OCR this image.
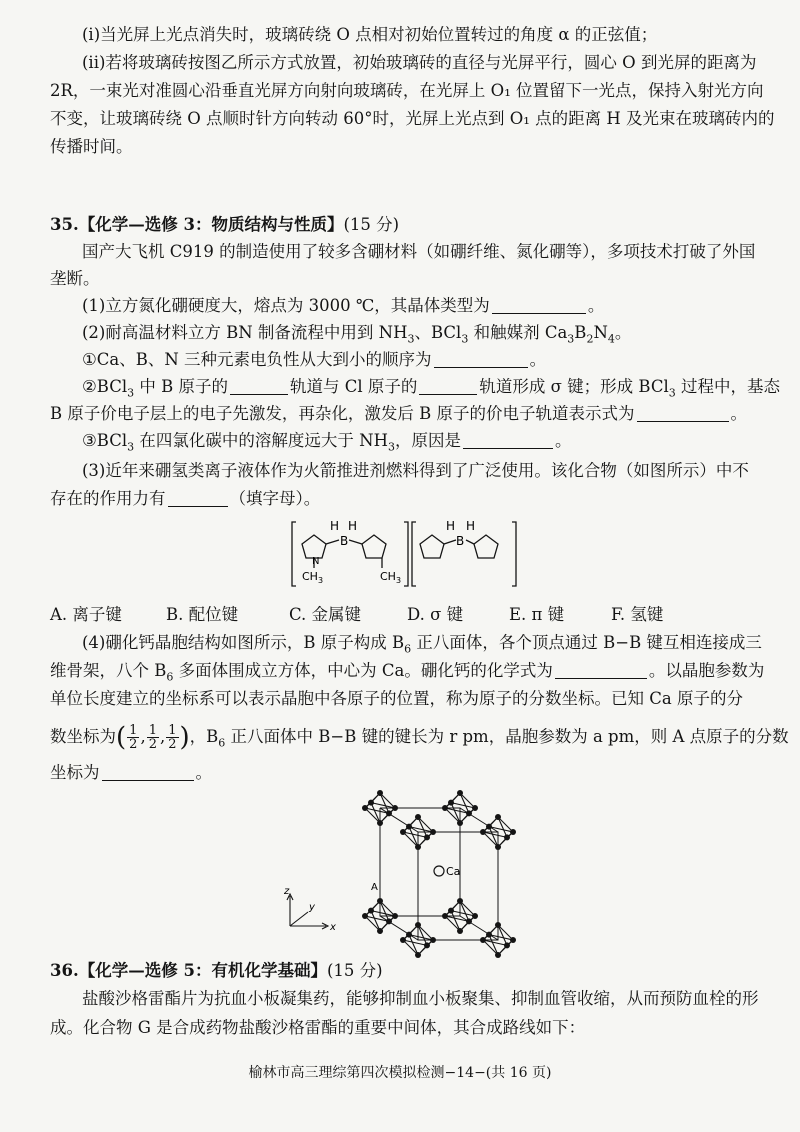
(i)当光屏上光点消失时，玻璃砖绕 O 点相对初始位置转过的角度 α 的正弦值；
(ii)若将玻璃砖按图乙所示方式放置，初始玻璃砖的直径与光屏平行，圆心 O 到光屏的距离为
2R，一束光对准圆心沿垂直光屏方向射向玻璃砖，在光屏上 O₁ 位置留下一光点，保持入射光方向
不变，让玻璃砖绕 O 点顺时针方向转动 60°时，光屏上光点到 O₁ 点的距离 H 及光束在玻璃砖内的
传播时间。
35.【化学—选修 3：物质结构与性质】(15 分)
国产大飞机 C919 的制造使用了较多含硼材料（如硼纤维、氮化硼等），多项技术打破了外国
垄断。
(1)立方氮化硼硬度大，熔点为 3000 ℃，其晶体类型为	。
(2)耐高温材料立方 BN 制备流程中用到 $NH_3$、BCl$_3$ 和触媒剂 $Ca_3B_2N_4$。
①Ca、B、N 三种元素电负性从大到小的顺序为	。
②BCl$_3$ 中 B 原子的	轨道与 Cl 原子的	轨道形成 σ 键；形成 BCl$_3$ 过程中，基态
B 原子价电子层上的电子先激发，再杂化，激发后 B 原子的价电子轨道表示式为	。
③BCl$_3$ 在四氯化碳中的溶解度远大于 $NH_3$，原因是	。
(3)近年来硼氢类离子液体作为火箭推进剂燃料得到了广泛使用。该化合物（如图所示）中不
存在的作用力有	（填字母）。
H H
B
N
$CH_3$	$CH_3$
H H
B
A. 离子键	B. 配位键	C. 金属键	D. σ 键	E. π 键	F. 氢键
(4)硼化钙晶胞结构如图所示，B 原子构成 $B_6$ 正八面体，各个顶点通过 B−B 键互相连接成三
维骨架，八个 $B_6$ 多面体围成立方体，中心为 Ca。硼化钙的化学式为	。以晶胞参数为
单位长度建立的坐标系可以表示晶胞中各原子的位置，称为原子的分数坐标。已知 Ca 原子的分
数坐标为( $\frac{1}{2}$ , $\frac{1}{2}$ , $\frac{1}{2}$ )，$B_6$ 正八面体中 B−B 键的键长为 r pm，晶胞参数为 a pm，则 A 点原子的分数
坐标为	。
Ca
A
z
y
x
36.【化学—选修 5：有机化学基础】(15 分)
盐酸沙格雷酯片为抗血小板凝集药，能够抑制血小板聚集、抑制血管收缩，从而预防血栓的形
成。化合物 G 是合成药物盐酸沙格雷酯的重要中间体，其合成路线如下：
榆林市高三理综第四次模拟检测−14−(共 16 页)
